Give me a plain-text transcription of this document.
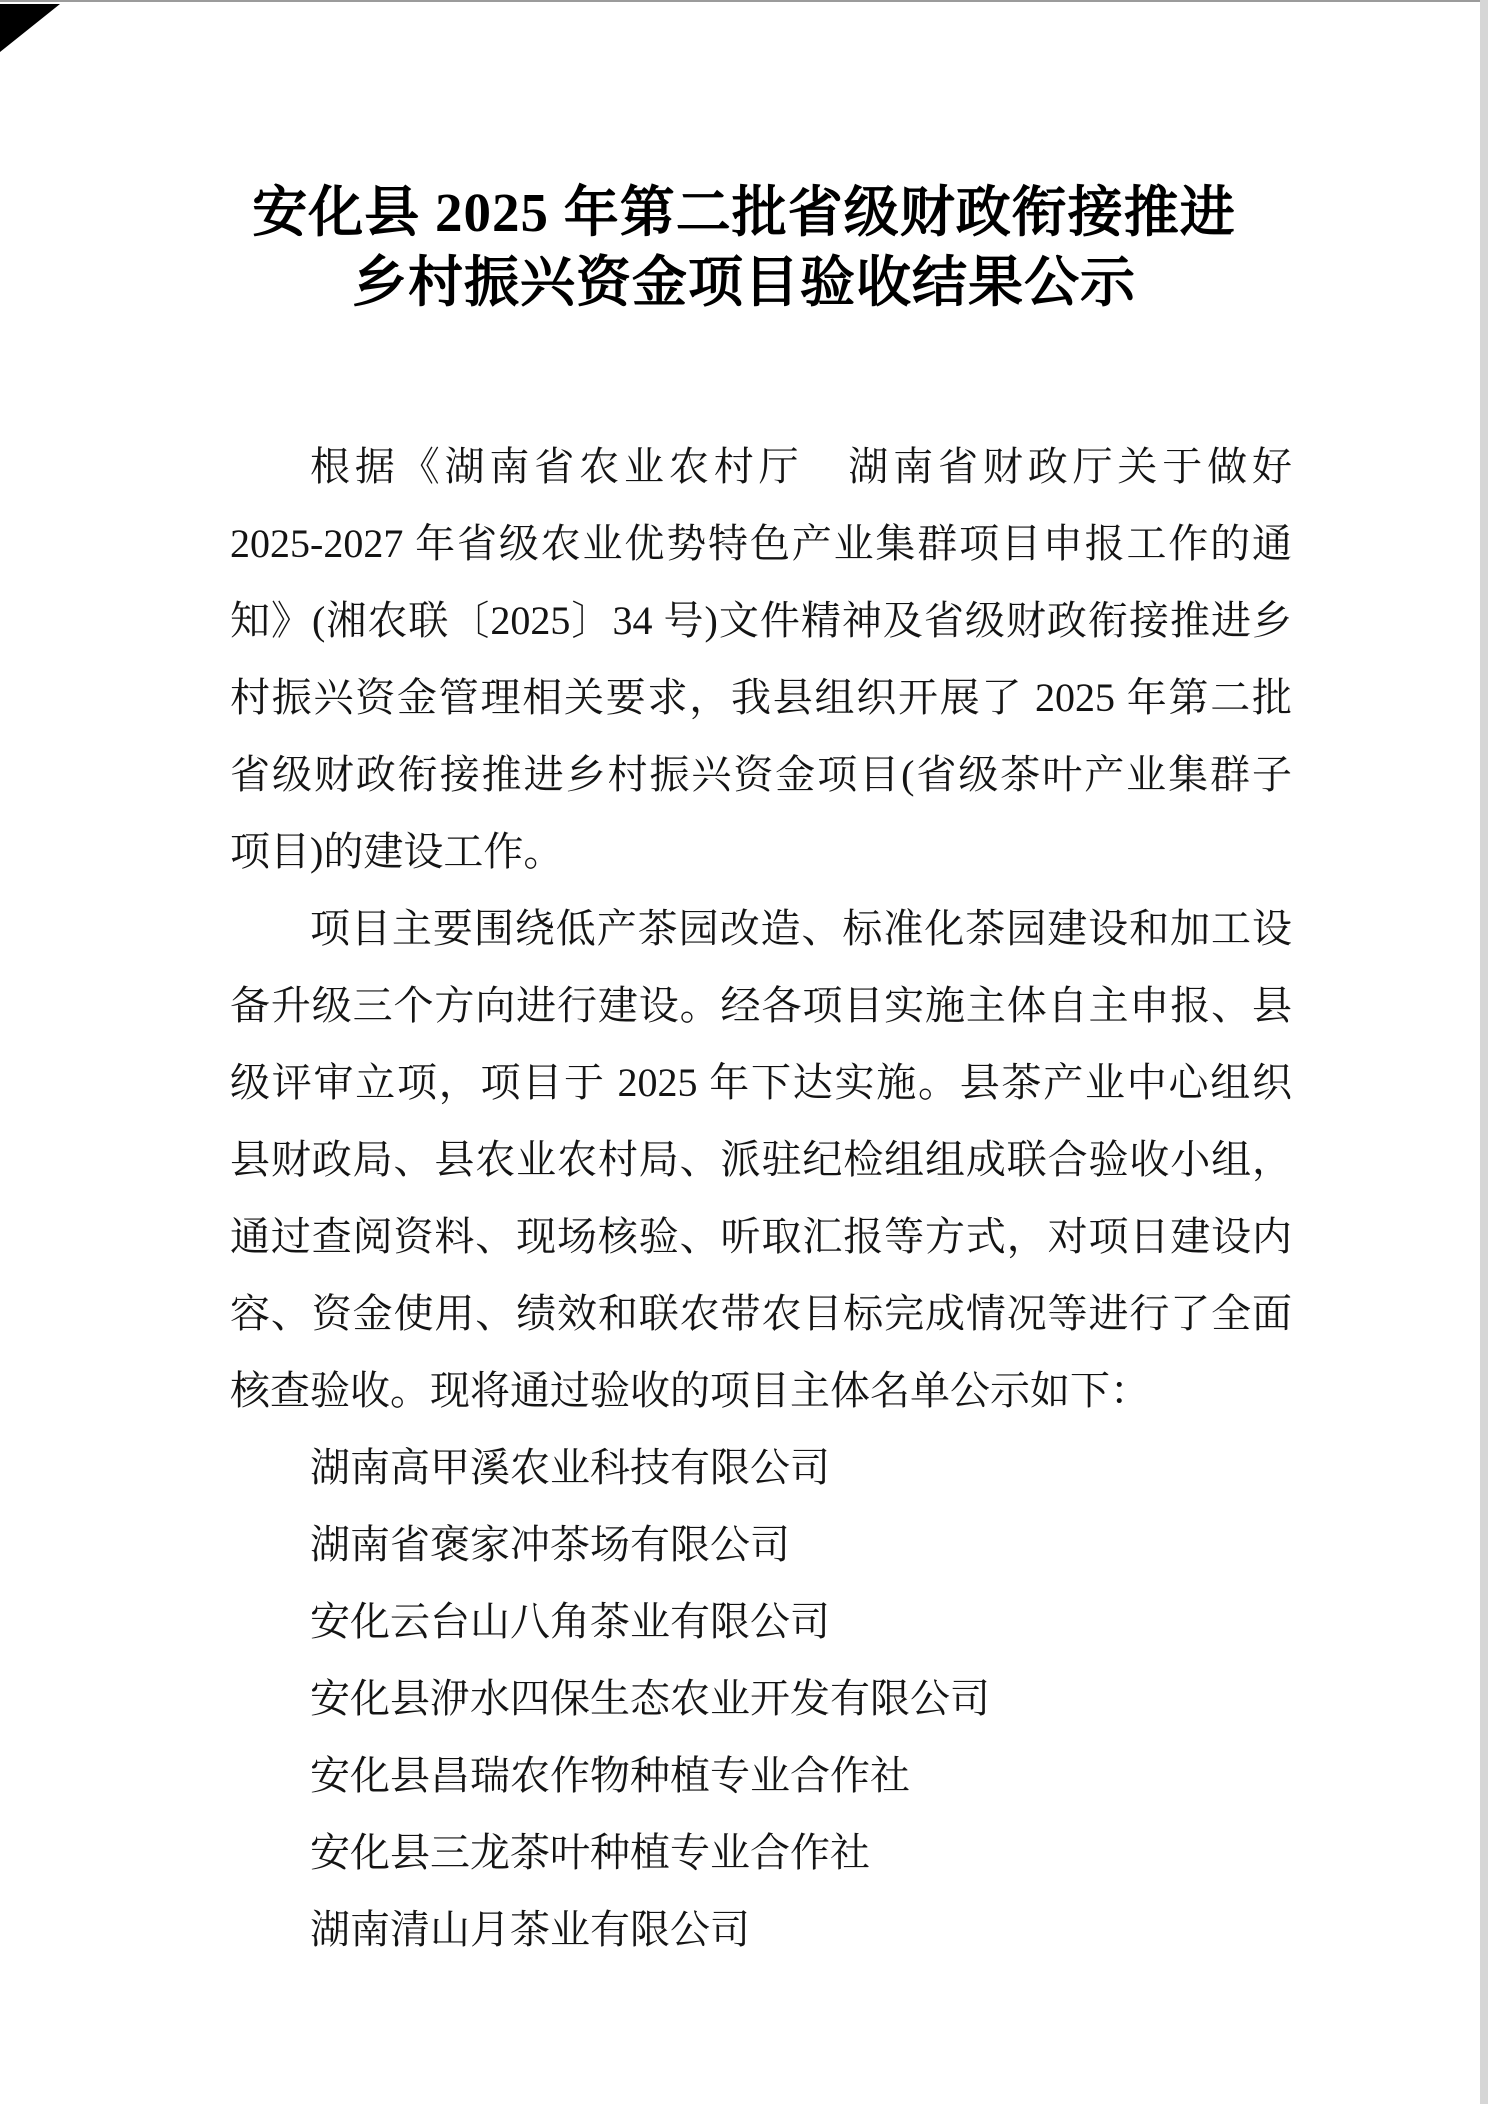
安化县 2025 年第二批省级财政衔接推进
乡村振兴资金项目验收结果公示
根据《湖南省农业农村厅　湖南省财政厅关于做好
2025-2027 年省级农业优势特色产业集群项目申报工作的通
知》(湘农联〔2025〕34 号)文件精神及省级财政衔接推进乡
村振兴资金管理相关要求，我县组织开展了 2025 年第二批
省级财政衔接推进乡村振兴资金项目(省级茶叶产业集群子
项目)的建设工作。
项目主要围绕低产茶园改造、标准化茶园建设和加工设
备升级三个方向进行建设。经各项目实施主体自主申报、县
级评审立项，项目于 2025 年下达实施。县茶产业中心组织
县财政局、县农业农村局、派驻纪检组组成联合验收小组，
通过查阅资料、现场核验、听取汇报等方式，对项日建设内
容、资金使用、绩效和联农带农目标完成情况等进行了全面
核查验收。现将通过验收的项目主体名单公示如下：
湖南高甲溪农业科技有限公司
湖南省褒家冲茶场有限公司
安化云台山八角茶业有限公司
安化县洢水四保生态农业开发有限公司
安化县昌瑞农作物种植专业合作社
安化县三龙茶叶种植专业合作社
湖南清山月茶业有限公司
